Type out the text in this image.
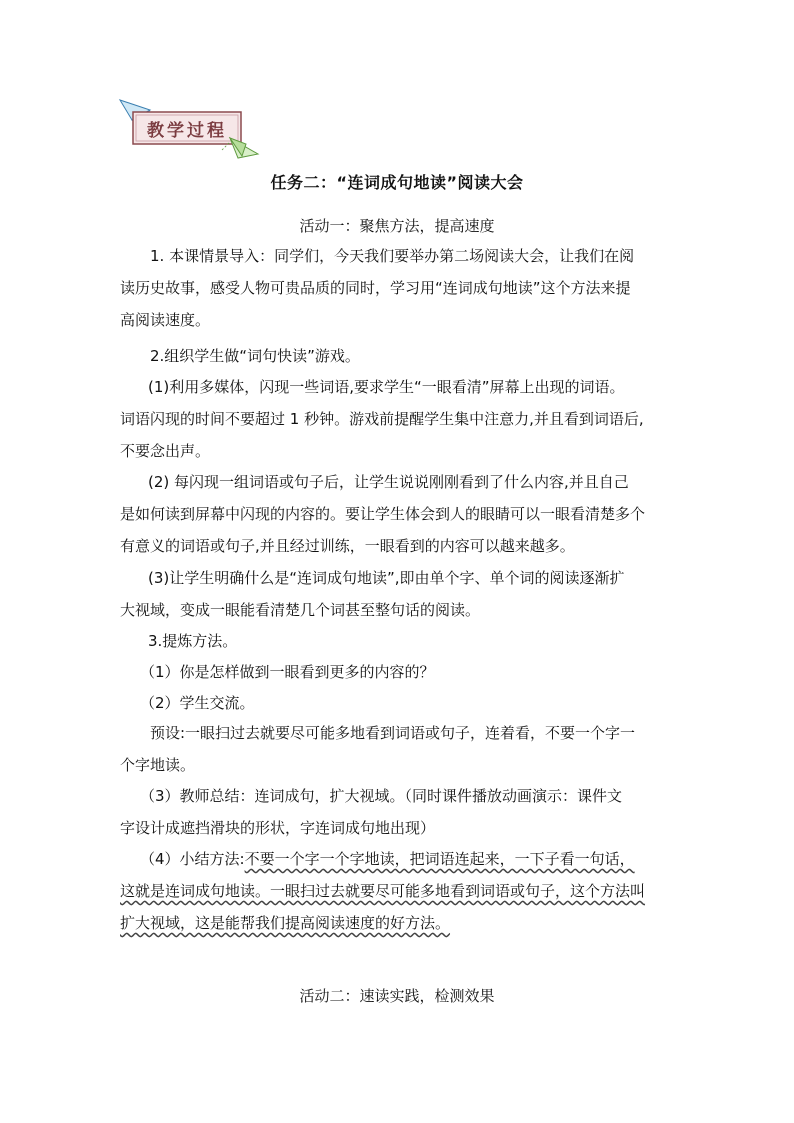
教学过程
任务二：“连词成句地读”阅读大会
活动一：聚焦方法，提高速度

1. 本课情景导入：同学们，今天我们要举办第二场阅读大会，让我们在阅
读历史故事，感受人物可贵品质的同时，学习用“连词成句地读”这个方法来提
高阅读速度。

2.组织学生做“词句快读”游戏。

(1)利用多媒体，闪现一些词语,要求学生“一眼看清”屏幕上出现的词语。
词语闪现的时间不要超过 1 秒钟。游戏前提醒学生集中注意力,并且看到词语后,
不要念出声。

(2) 每闪现一组词语或句子后，让学生说说刚刚看到了什么内容,并且自己
是如何读到屏幕中闪现的内容的。要让学生体会到人的眼睛可以一眼看清楚多个
有意义的词语或句子,并且经过训练，一眼看到的内容可以越来越多。

(3)让学生明确什么是“连词成句地读”,即由单个字、单个词的阅读逐渐扩
大视域，变成一眼能看清楚几个词甚至整句话的阅读。

3.提炼方法。

（1）你是怎样做到一眼看到更多的内容的？

（2）学生交流。

预设:一眼扫过去就要尽可能多地看到词语或句子，连着看，不要一个字一
个字地读。

（3）教师总结：连词成句，扩大视域。（同时课件播放动画演示：课件文
字设计成遮挡滑块的形状，字连词成句地出现）

（4）小结方法:不要一个字一个字地读，把词语连起来，一下子看一句话，
这就是连词成句地读。一眼扫过去就要尽可能多地看到词语或句子，这个方法叫
扩大视域，这是能帮我们提高阅读速度的好方法。

活动二：速读实践，检测效果
